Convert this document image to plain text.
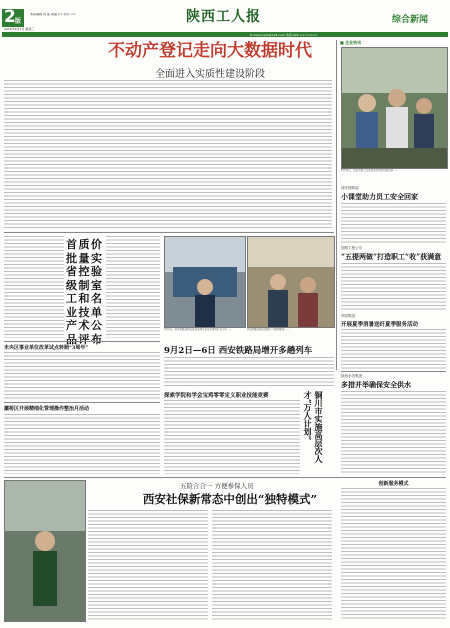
2 版
本版编辑 刘 强 美编 ×× 校对 ××
2015年9月2日 星期三
陕西工人报	综合新闻
E-mail:sxgrb@126.com 电话:029-×××××××
不动产登记走向大数据时代
全面进入实质性建设阶段
■ 企业快讯
8月31日，西安市职工在培训基地参加技能培训……
西安铁路局
小课堂助力员工安全回家
国网工程公司
“五提两做”打造职工“收”获满意
华阴集团
开展夏季消暑送纤夏季服务活动
陕西水务集团
多措并举确保安全供水
首
批
省
级
工
业
产
品
质
量
控
制
和
技
术
评
价
实
验
室
名
单
公
布
未央区事业单位改革试点转制“3周年”
灞桥区开展精细化管理操作整治月活动
9月2日，西安铁路局西安客运段列车员在车厢内打扫卫生……	西安铁路局客运段职工为旅客服务……
9月2日—6日 西安铁路局增开多趟列车
探索学院和学会宝鸡零零定义职业技能竞赛	铜川市实施高层次人才“万人计划”
五险合合一 方便参保人员
西安社保新常态中创出“独特模式”
创新服务模式
